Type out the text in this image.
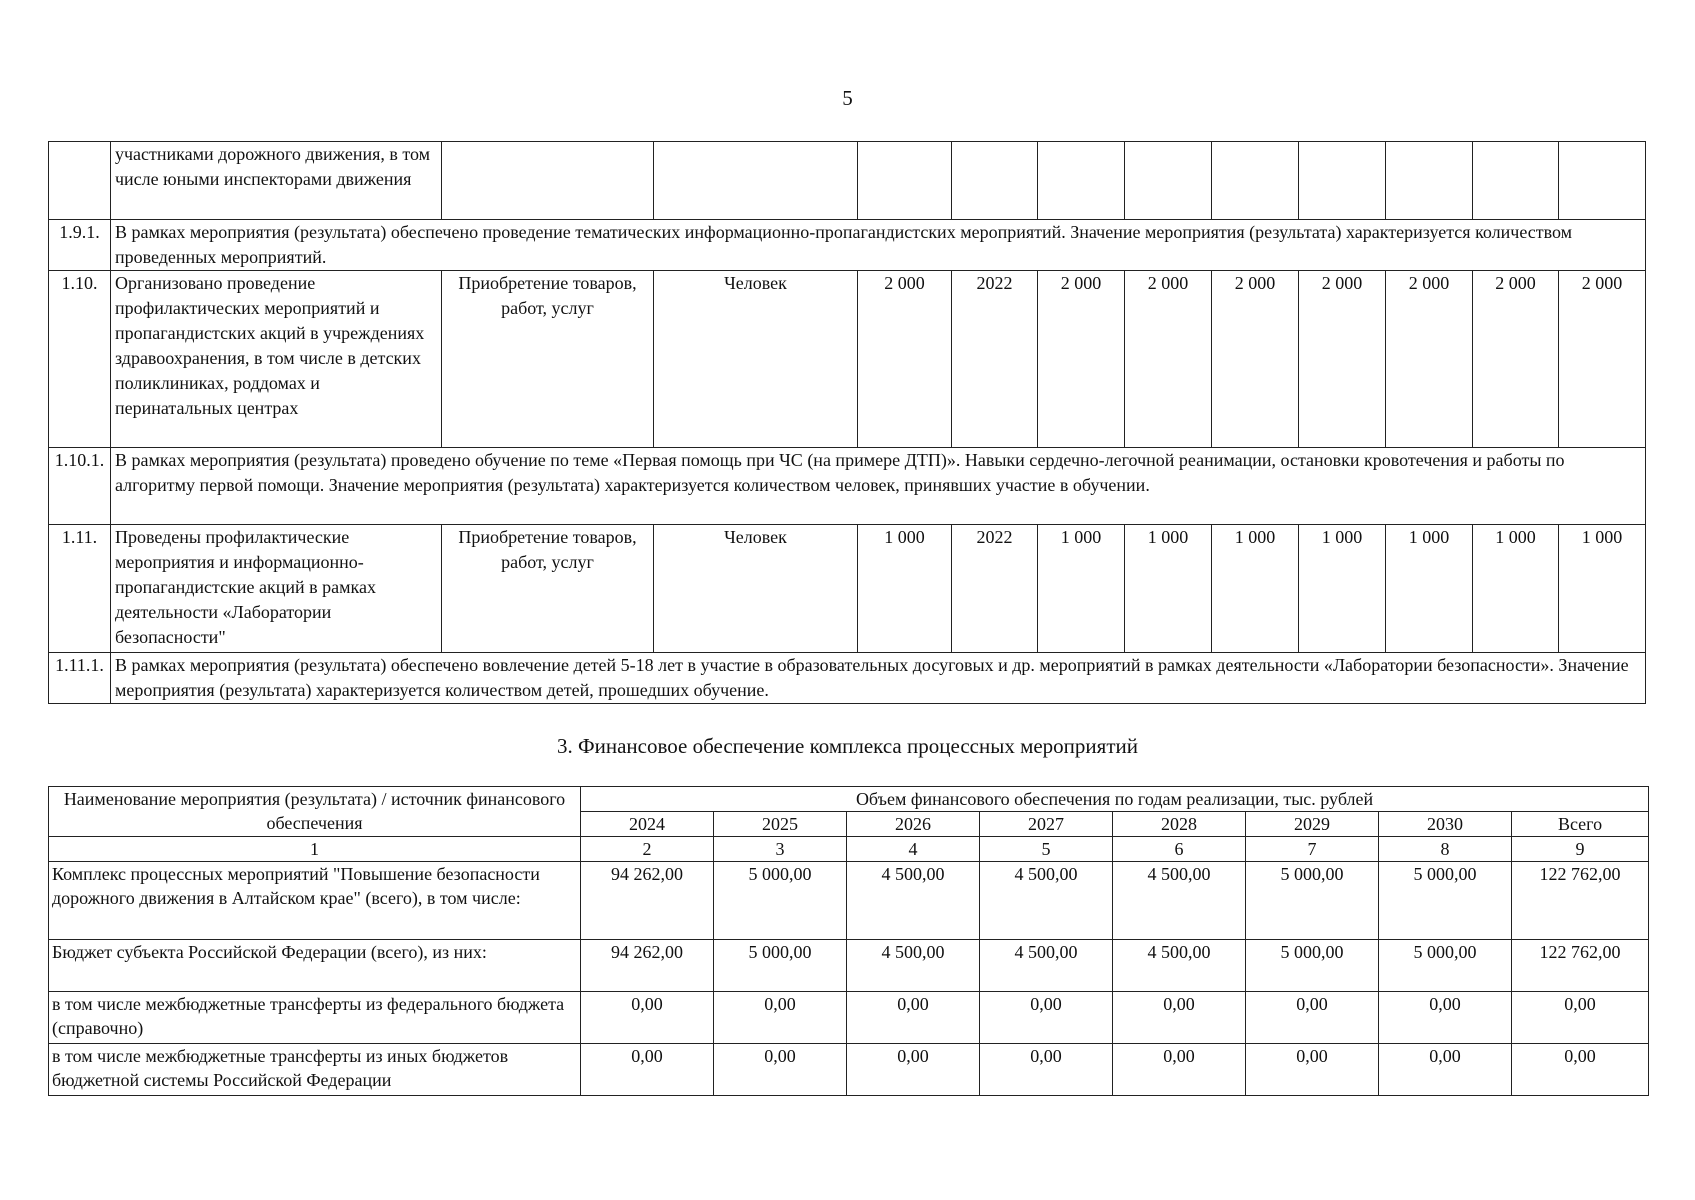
5
	участниками дорожного движения, в том числе юными инспекторами движения											
1.9.1.	В рамках мероприятия (результата) обеспечено проведение тематических информационно-пропагандистских мероприятий. Значение мероприятия (результата) характеризуется количеством проведенных мероприятий.											
1.10.	Организовано проведение профилактических мероприятий и пропагандистских акций в учреждениях здравоохранения, в том числе в детских поликлиниках, роддомах и перинатальных центрах	Приобретение товаров, работ, услуг	Человек	2 000	2022	2 000	2 000	2 000	2 000	2 000	2 000	2 000
1.10.1.	В рамках мероприятия (результата) проведено обучение по теме «Первая помощь при ЧС (на примере ДТП)». Навыки сердечно-легочной реанимации, остановки кровотечения и работы по алгоритму первой помощи. Значение мероприятия (результата) характеризуется количеством человек, принявших участие в обучении.											
1.11.	Проведены профилактические мероприятия и информационно-пропагандистские акций в рамках деятельности «Лаборатории безопасности"	Приобретение товаров, работ, услуг	Человек	1 000	2022	1 000	1 000	1 000	1 000	1 000	1 000	1 000
1.11.1.	В рамках мероприятия (результата) обеспечено вовлечение детей 5-18 лет в участие в образовательных досуговых и др. мероприятий в рамках деятельности «Лаборатории безопасности». Значение мероприятия (результата) характеризуется количеством детей, прошедших обучение.											
3. Финансовое обеспечение комплекса процессных мероприятий
Наименование мероприятия (результата) / источник финансового обеспечения	Объем финансового обеспечения по годам реализации, тыс. рублей							
	2024	2025	2026	2027	2028	2029	2030	Всего
1	2	3	4	5	6	7	8	9
Комплекс процессных мероприятий "Повышение безопасности дорожного движения в Алтайском крае" (всего), в том числе:	94 262,00	5 000,00	4 500,00	4 500,00	4 500,00	5 000,00	5 000,00	122 762,00
Бюджет субъекта Российской Федерации (всего), из них:	94 262,00	5 000,00	4 500,00	4 500,00	4 500,00	5 000,00	5 000,00	122 762,00
в том числе межбюджетные трансферты из федерального бюджета (справочно)	0,00	0,00	0,00	0,00	0,00	0,00	0,00	0,00
в том числе межбюджетные трансферты из иных бюджетов бюджетной системы Российской Федерации	0,00	0,00	0,00	0,00	0,00	0,00	0,00	0,00
